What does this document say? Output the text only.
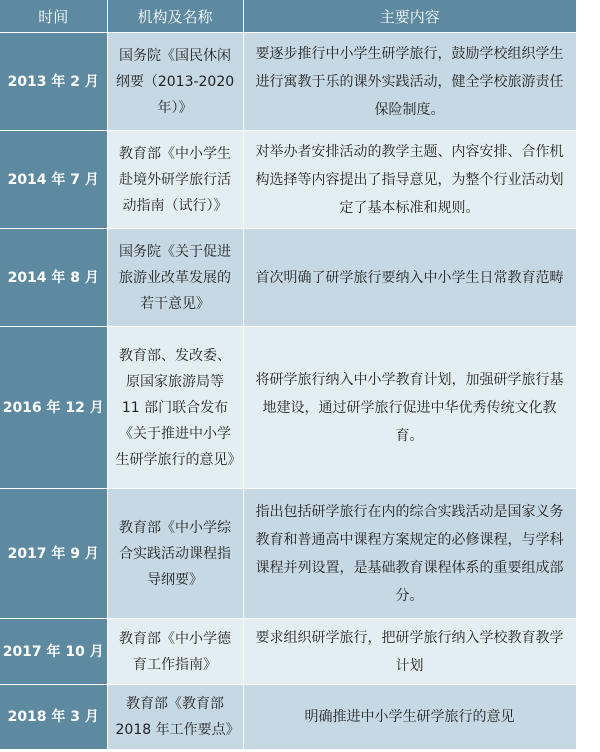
时间	机构及名称	主要内容
2013 年 2 月	国务院《国民休闲纲要（2013-2020年）》	要逐步推行中小学生研学旅行，鼓励学校组织学生进行寓教于乐的课外实践活动，健全学校旅游责任保险制度。
2014 年 7 月	教育部《中小学生赴境外研学旅行活动指南（试行）》	对举办者安排活动的教学主题、内容安排、合作机构选择等内容提出了指导意见，为整个行业活动划定了基本标准和规则。
2014 年 8 月	国务院《关于促进旅游业改革发展的若干意见》	首次明确了研学旅行要纳入中小学生日常教育范畴
2016 年 12 月	教育部、发改委、原国家旅游局等 11 部门联合发布《关于推进中小学生研学旅行的意见》	将研学旅行纳入中小学教育计划，加强研学旅行基地建设，通过研学旅行促进中华优秀传统文化教育。
2017 年 9 月	教育部《中小学综合实践活动课程指导纲要》	指出包括研学旅行在内的综合实践活动是国家义务教育和普通高中课程方案规定的必修课程，与学科课程并列设置，是基础教育课程体系的重要组成部分。
2017 年 10 月	教育部《中小学德育工作指南》	要求组织研学旅行，把研学旅行纳入学校教育教学计划
2018 年 3 月	教育部《教育部 2018 年工作要点》	明确推进中小学生研学旅行的意见
